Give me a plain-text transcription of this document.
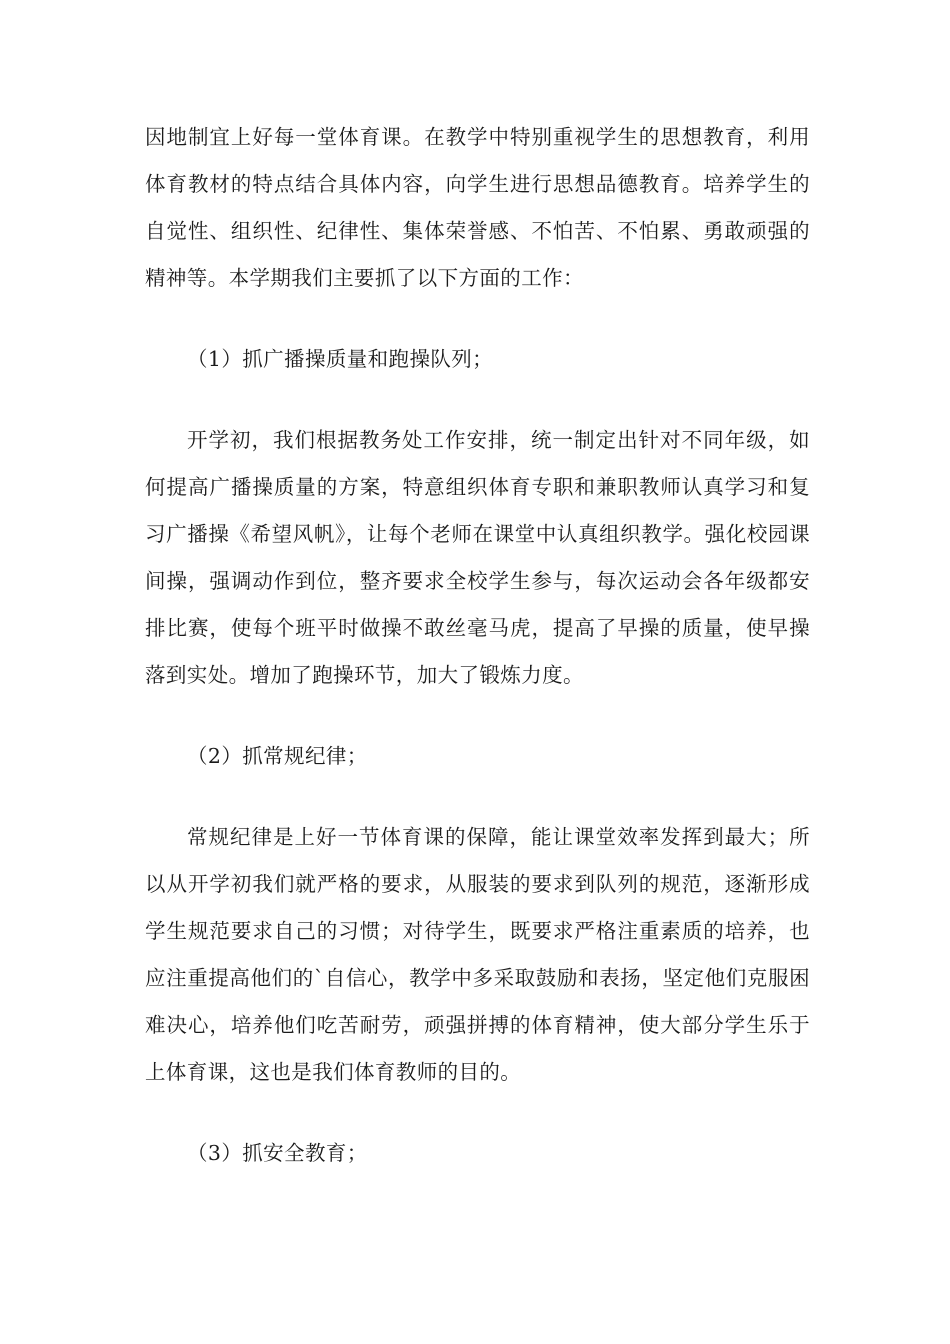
因地制宜上好每一堂体育课。在教学中特别重视学生的思想教育，利用体育教材的特点结合具体内容，向学生进行思想品德教育。培养学生的自觉性、组织性、纪律性、集体荣誉感、不怕苦、不怕累、勇敢顽强的精神等。本学期我们主要抓了以下方面的工作：

（1）抓广播操质量和跑操队列；

开学初，我们根据教务处工作安排，统一制定出针对不同年级，如何提高广播操质量的方案，特意组织体育专职和兼职教师认真学习和复习广播操《希望风帆》，让每个老师在课堂中认真组织教学。强化校园课间操，强调动作到位，整齐要求全校学生参与，每次运动会各年级都安排比赛，使每个班平时做操不敢丝毫马虎，提高了早操的质量，使早操落到实处。增加了跑操环节，加大了锻炼力度。

（2）抓常规纪律；

常规纪律是上好一节体育课的保障，能让课堂效率发挥到最大；所以从开学初我们就严格的要求，从服装的要求到队列的规范，逐渐形成学生规范要求自己的习惯；对待学生，既要求严格注重素质的培养，也应注重提高他们的`自信心，教学中多采取鼓励和表扬，坚定他们克服困难决心，培养他们吃苦耐劳，顽强拼搏的体育精神，使大部分学生乐于上体育课，这也是我们体育教师的目的。

（3）抓安全教育；
